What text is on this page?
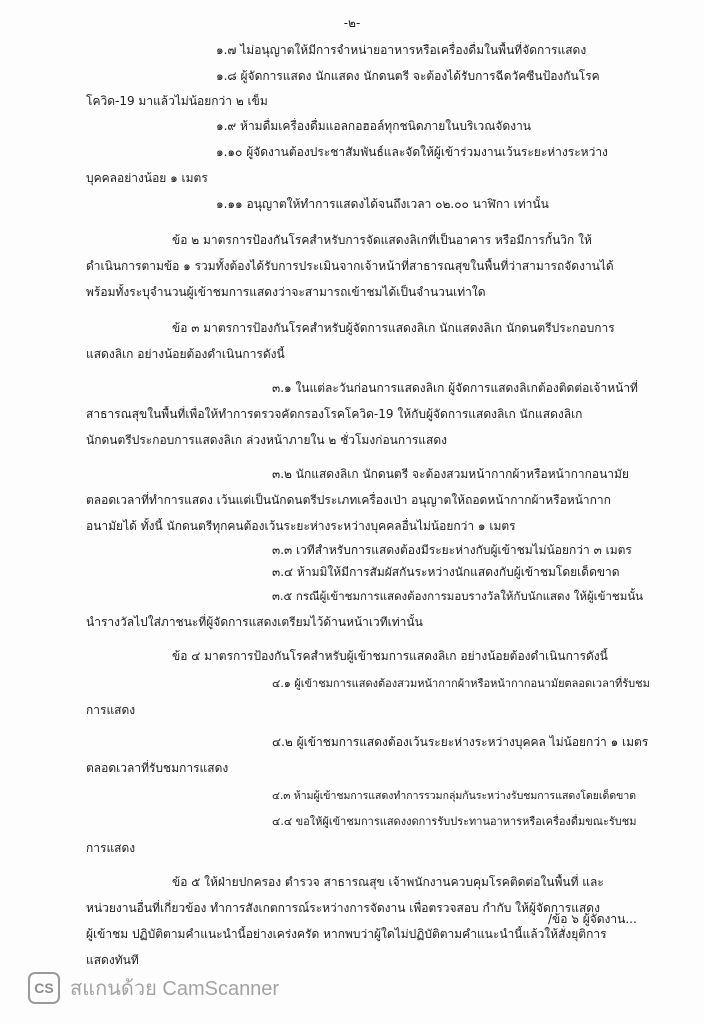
-๒-
๑.๗ ไม่อนุญาตให้มีการจำหน่ายอาหารหรือเครื่องดื่มในพื้นที่จัดการแสดง
๑.๘ ผู้จัดการแสดง นักแสดง นักดนตรี จะต้องได้รับการฉีดวัคซีนป้องกันโรค
โควิด-19 มาแล้วไม่น้อยกว่า ๒ เข็ม
๑.๙ ห้ามดื่มเครื่องดื่มแอลกอฮอล์ทุกชนิดภายในบริเวณจัดงาน
๑.๑๐ ผู้จัดงานต้องประชาสัมพันธ์และจัดให้ผู้เข้าร่วมงานเว้นระยะห่างระหว่าง
บุคคลอย่างน้อย ๑ เมตร
๑.๑๑ อนุญาตให้ทำการแสดงได้จนถึงเวลา ๐๒.๐๐ นาฬิกา เท่านั้น
ข้อ ๒ มาตรการป้องกันโรคสำหรับการจัดแสดงลิเกที่เป็นอาคาร หรือมีการกั้นวิก ให้
ดำเนินการตามข้อ ๑ รวมทั้งต้องได้รับการประเมินจากเจ้าหน้าที่สาธารณสุขในพื้นที่ว่าสามารถจัดงานได้
พร้อมทั้งระบุจำนวนผู้เข้าชมการแสดงว่าจะสามารถเข้าชมได้เป็นจำนวนเท่าใด
ข้อ ๓ มาตรการป้องกันโรคสำหรับผู้จัดการแสดงลิเก นักแสดงลิเก นักดนตรีประกอบการ
แสดงลิเก อย่างน้อยต้องดำเนินการดังนี้
๓.๑ ในแต่ละวันก่อนการแสดงลิเก ผู้จัดการแสดงลิเกต้องติดต่อเจ้าหน้าที่
สาธารณสุขในพื้นที่เพื่อให้ทำการตรวจคัดกรองโรคโควิด-19 ให้กับผู้จัดการแสดงลิเก นักแสดงลิเก
นักดนตรีประกอบการแสดงลิเก ล่วงหน้าภายใน ๒ ชั่วโมงก่อนการแสดง
๓.๒ นักแสดงลิเก นักดนตรี จะต้องสวมหน้ากากผ้าหรือหน้ากากอนามัย
ตลอดเวลาที่ทำการแสดง เว้นแต่เป็นนักดนตรีประเภทเครื่องเป่า อนุญาตให้ถอดหน้ากากผ้าหรือหน้ากาก
อนามัยได้ ทั้งนี้ นักดนตรีทุกคนต้องเว้นระยะห่างระหว่างบุคคลอื่นไม่น้อยกว่า ๑ เมตร
๓.๓ เวทีสำหรับการแสดงต้องมีระยะห่างกับผู้เข้าชมไม่น้อยกว่า ๓ เมตร
๓.๔ ห้ามมิให้มีการสัมผัสกันระหว่างนักแสดงกับผู้เข้าชมโดยเด็ดขาด
๓.๕ กรณีผู้เข้าชมการแสดงต้องการมอบรางวัลให้กับนักแสดง ให้ผู้เข้าชมนั้น
นำรางวัลไปใส่ภาชนะที่ผู้จัดการแสดงเตรียมไว้ด้านหน้าเวทีเท่านั้น
ข้อ ๔ มาตรการป้องกันโรคสำหรับผู้เข้าชมการแสดงลิเก อย่างน้อยต้องดำเนินการดังนี้
๔.๑ ผู้เข้าชมการแสดงต้องสวมหน้ากากผ้าหรือหน้ากากอนามัยตลอดเวลาที่รับชม
การแสดง
๔.๒ ผู้เข้าชมการแสดงต้องเว้นระยะห่างระหว่างบุคคล ไม่น้อยกว่า ๑ เมตร
ตลอดเวลาที่รับชมการแสดง
๔.๓ ห้ามผู้เข้าชมการแสดงทำการรวมกลุ่มกันระหว่างรับชมการแสดงโดยเด็ดขาด
๔.๔ ขอให้ผู้เข้าชมการแสดงงดการรับประทานอาหารหรือเครื่องดื่มขณะรับชม
การแสดง
ข้อ ๕ ให้ฝ่ายปกครอง ตำรวจ สาธารณสุข เจ้าพนักงานควบคุมโรคติดต่อในพื้นที่ และ
หน่วยงานอื่นที่เกี่ยวข้อง ทำการสังเกตการณ์ระหว่างการจัดงาน เพื่อตรวจสอบ กำกับ ให้ผู้จัดการแสดง
ผู้เข้าชม ปฏิบัติตามคำแนะนำนี้อย่างเคร่งครัด หากพบว่าผู้ใดไม่ปฏิบัติตามคำแนะนำนี้แล้วให้สั่งยุติการ
แสดงทันที
CS สแกนด้วย CamScanner
/ข้อ ๖ ผู้จัดงาน...
